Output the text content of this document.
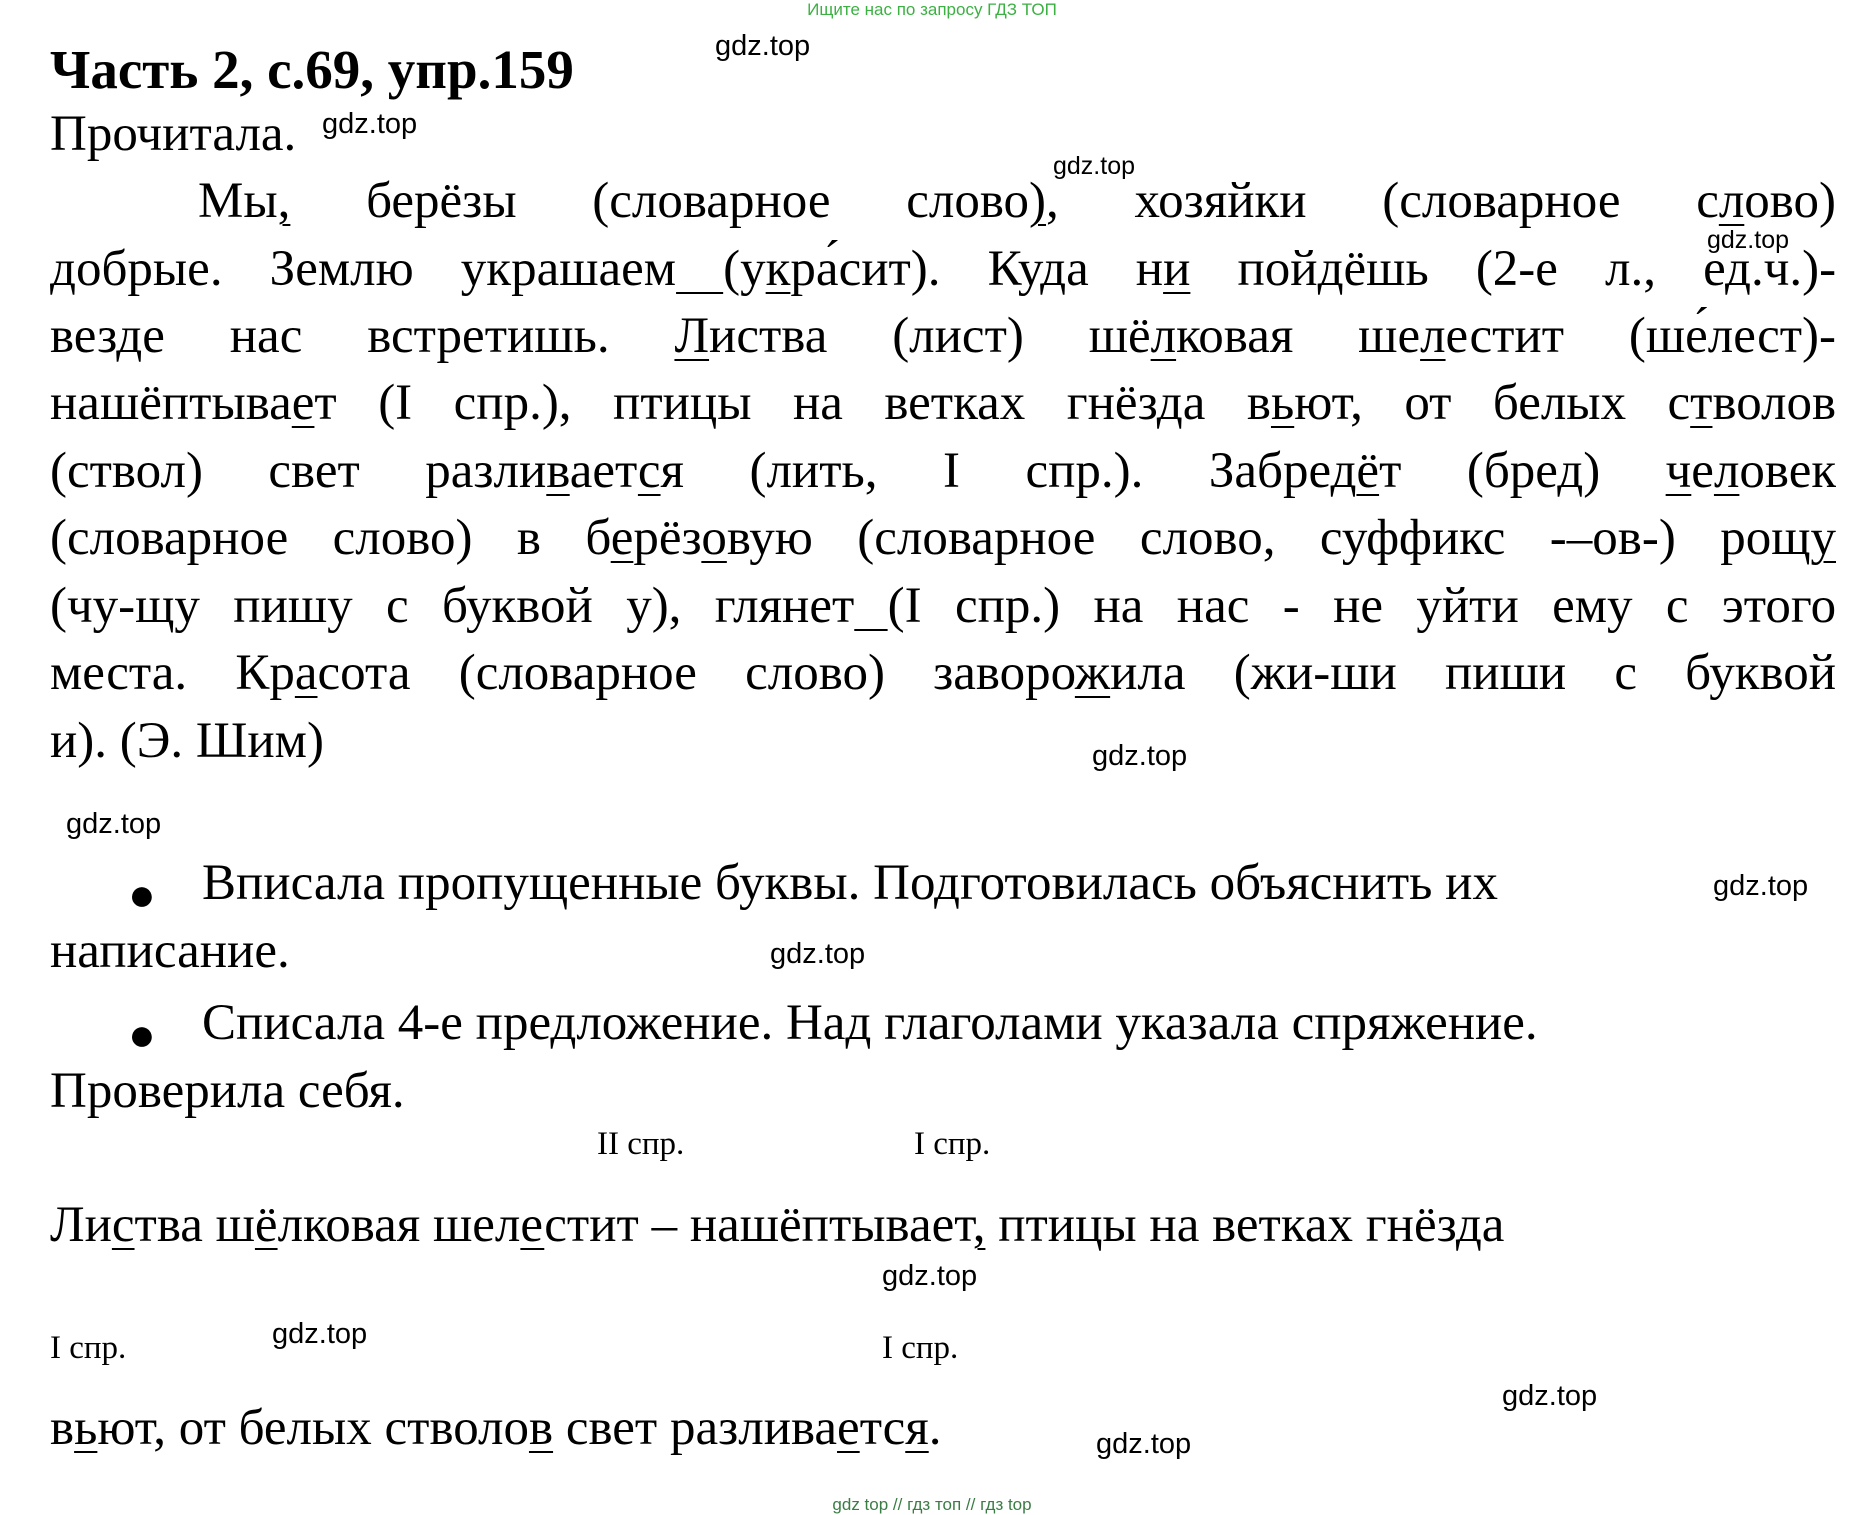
Ищите нас по запросу ГДЗ ТОП
Часть 2, с.69, упр.159	gdz.top
gdz.top
gdz.top
gdz.top
gdz.top
gdz.top
gdz.top
gdz.top
gdz.top
gdz.top
gdz.top
gdz.top
Прочитала.
Мы, берёзы (словарное слово), хозяйки (словарное слово)
добрые. Землю украшаем (украсит). Куда ни пойдёшь (2-е л., ед.ч.)-
везде нас встретишь. Листва (лист) шёлковая шелестит (шелест)-
нашёптывает (I спр.), птицы на ветках гнёзда вьют, от белых стволов
(ствол) свет разливается (лить, I спр.). Забредёт (бред) человек
(словарное слово) в берёзовую (словарное слово, суффикс -–ов-) рощу
(чу-щу пишу с буквой у), глянет (I спр.) на нас - не уйти ему с этого
места. Красота (словарное слово) заворожила (жи-ши пиши с буквой
и). (Э. Шим)
● Вписала пропущенные буквы. Подготовилась объяснить их
написание.
● Списала 4-е предложение. Над глаголами указала спряжение.
Проверила себя.
II спр.	I спр.
I спр.	I спр.
Листва шёлковая шелестит – нашёптывает, птицы на ветках гнёзда
вьют, от белых стволов свет разливается.
gdz top // гдз топ // гдз top
